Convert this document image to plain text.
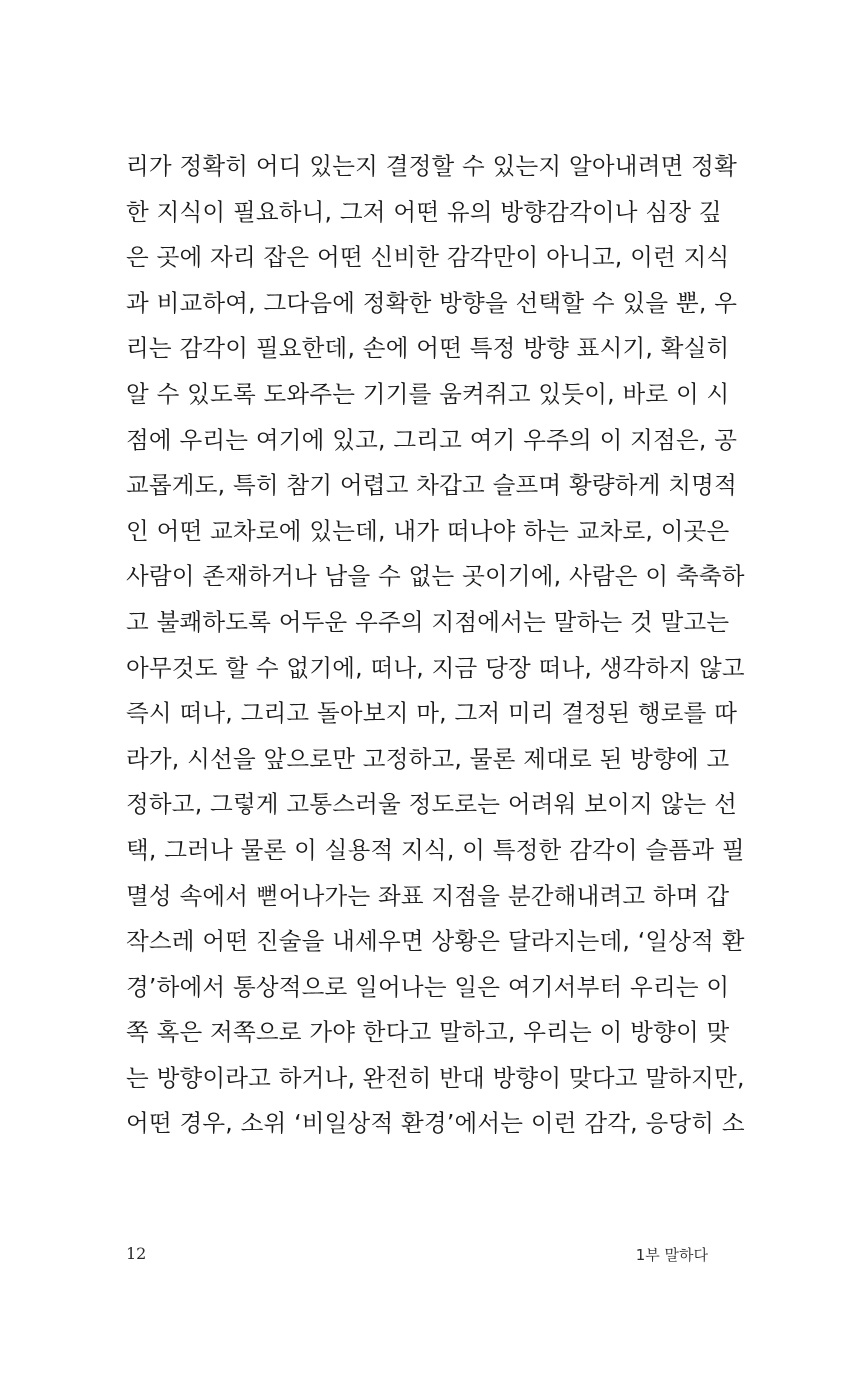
리가 정확히 어디 있는지 결정할 수 있는지 알아내려면 정확
한 지식이 필요하니, 그저 어떤 유의 방향감각이나 심장 깊
은 곳에 자리 잡은 어떤 신비한 감각만이 아니고, 이런 지식
과 비교하여, 그다음에 정확한 방향을 선택할 수 있을 뿐, 우
리는 감각이 필요한데, 손에 어떤 특정 방향 표시기, 확실히
알 수 있도록 도와주는 기기를 움켜쥐고 있듯이, 바로 이 시
점에 우리는 여기에 있고, 그리고 여기 우주의 이 지점은, 공
교롭게도, 특히 참기 어렵고 차갑고 슬프며 황량하게 치명적
인 어떤 교차로에 있는데, 내가 떠나야 하는 교차로, 이곳은
사람이 존재하거나 남을 수 없는 곳이기에, 사람은 이 축축하
고 불쾌하도록 어두운 우주의 지점에서는 말하는 것 말고는
아무것도 할 수 없기에, 떠나, 지금 당장 떠나, 생각하지 않고
즉시 떠나, 그리고 돌아보지 마, 그저 미리 결정된 행로를 따
라가, 시선을 앞으로만 고정하고, 물론 제대로 된 방향에 고
정하고, 그렇게 고통스러울 정도로는 어려워 보이지 않는 선
택, 그러나 물론 이 실용적 지식, 이 특정한 감각이 슬픔과 필
멸성 속에서 뻗어나가는 좌표 지점을 분간해내려고 하며 갑
작스레 어떤 진술을 내세우면 상황은 달라지는데, ‘일상적 환
경’하에서 통상적으로 일어나는 일은 여기서부터 우리는 이
쪽 혹은 저쪽으로 가야 한다고 말하고, 우리는 이 방향이 맞
는 방향이라고 하거나, 완전히 반대 방향이 맞다고 말하지만,
어떤 경우, 소위 ‘비일상적 환경’에서는 이런 감각, 응당히 소
12	1부 말하다
